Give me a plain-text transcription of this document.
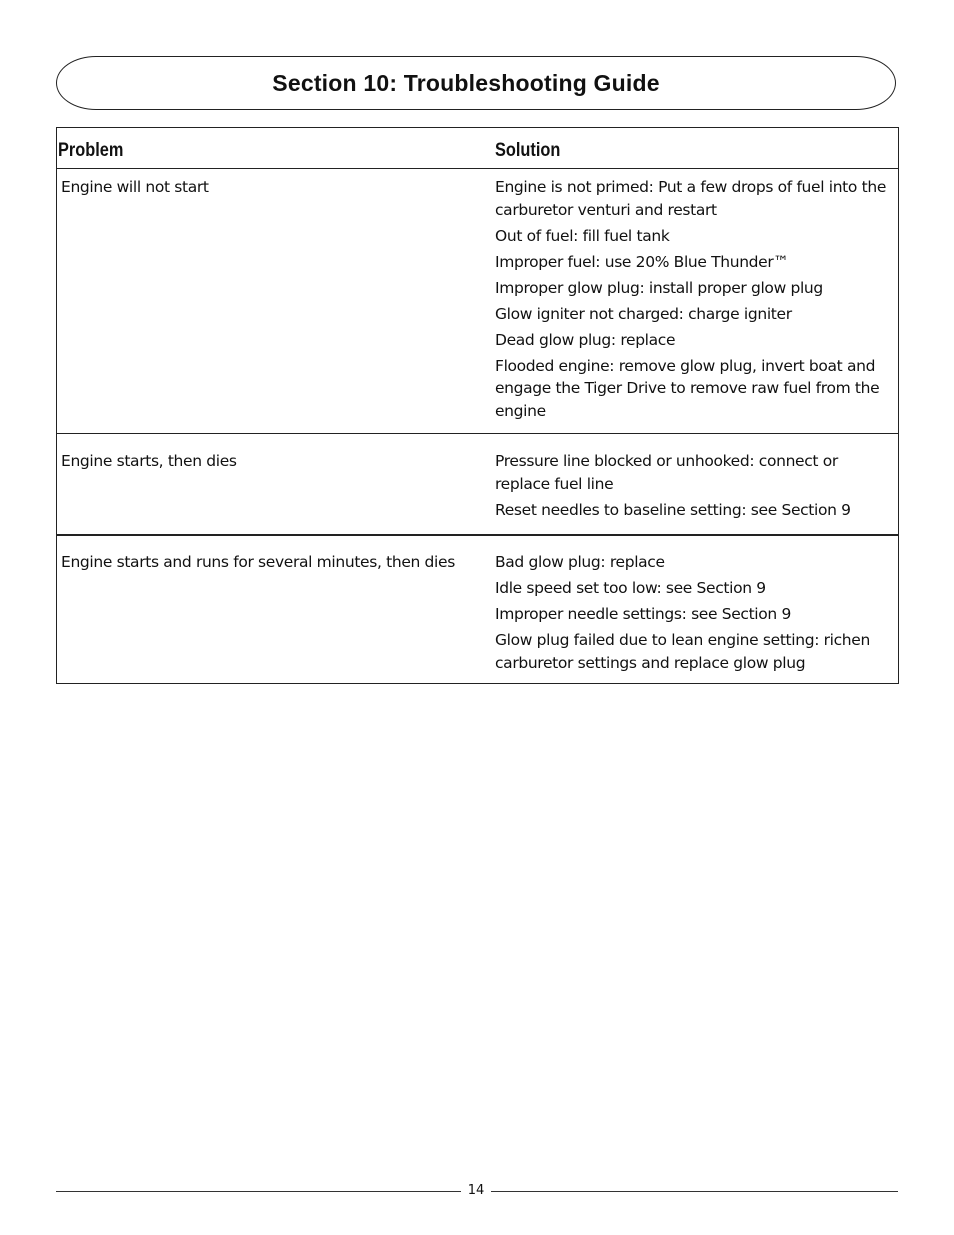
Section 10: Troubleshooting Guide
Problem	Solution
Engine will not start	Engine is not primed: Put a few drops of fuel into the carburetor venturi and restart
Out of fuel: fill fuel tank
Improper fuel: use 20% Blue Thunder™
Improper glow plug: install proper glow plug
Glow igniter not charged: charge igniter
Dead glow plug: replace
Flooded engine: remove glow plug, invert boat and engage the Tiger Drive to remove raw fuel from the engine
Engine starts, then dies	Pressure line blocked or unhooked: connect or replace fuel line
Reset needles to baseline setting: see Section 9
Engine starts and runs for several minutes, then dies	Bad glow plug: replace
Idle speed set too low: see Section 9
Improper needle settings: see Section 9
Glow plug failed due to lean engine setting: richen carburetor settings and replace glow plug
14
